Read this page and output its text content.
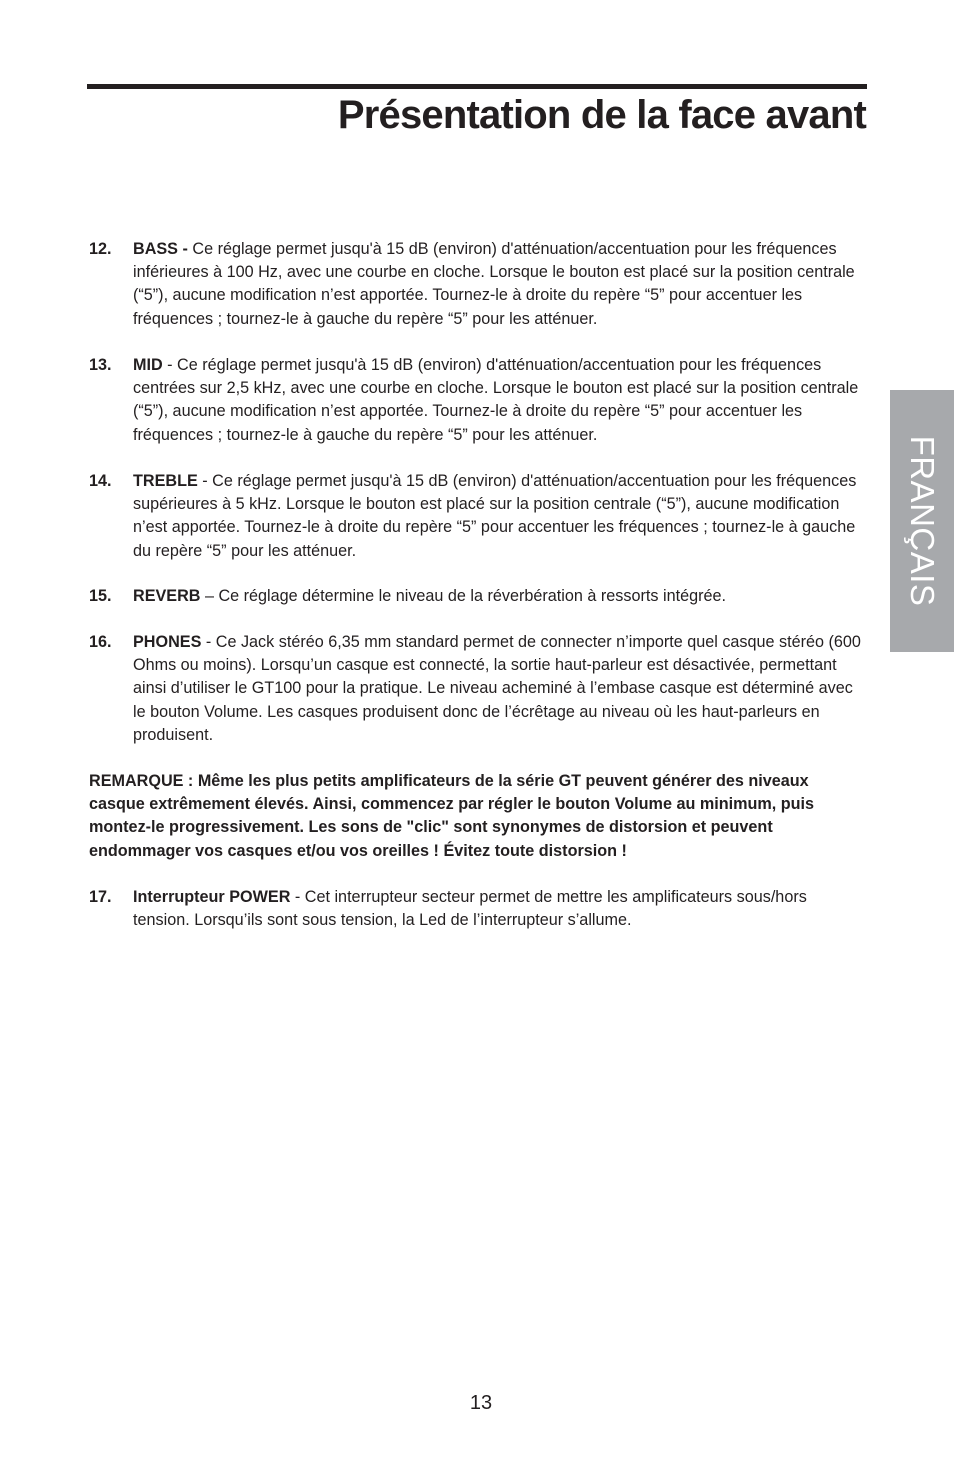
Présentation de la face avant
FRANÇAIS
12. BASS - Ce réglage permet jusqu'à 15 dB (environ) d'atténuation/accentuation pour les fréquences inférieures à 100 Hz, avec une courbe en cloche. Lorsque le bouton est placé sur la position centrale (“5”), aucune modification n’est apportée. Tournez-le à droite du repère “5” pour accentuer les fréquences ; tournez-le à gauche du repère “5” pour les atténuer.
13. MID - Ce réglage permet jusqu'à 15 dB (environ) d'atténuation/accentuation pour les fréquences centrées sur 2,5 kHz, avec une courbe en cloche. Lorsque le bouton est placé sur la position centrale (“5”), aucune modification n’est apportée. Tournez-le à droite du repère “5” pour accentuer les fréquences ; tournez-le à gauche du repère “5” pour les atténuer.
14. TREBLE - Ce réglage permet jusqu'à 15 dB (environ) d'atténuation/accentuation pour les fréquences supérieures à 5 kHz. Lorsque le bouton est placé sur la position centrale (“5”), aucune modification n’est apportée. Tournez-le à droite du repère “5” pour accentuer les fréquences ; tournez-le à gauche du repère “5” pour les atténuer.
15. REVERB – Ce réglage détermine le niveau de la réverbération à ressorts intégrée.
16. PHONES - Ce Jack stéréo 6,35 mm standard permet de connecter n’importe quel casque stéréo (600 Ohms ou moins). Lorsqu’un casque est connecté, la sortie haut-parleur est désactivée, permettant ainsi d’utiliser le GT100 pour la pratique. Le niveau acheminé à l’embase casque est déterminé avec le bouton Volume. Les casques produisent donc de l’écrêtage au niveau où les haut-parleurs en produisent.
REMARQUE : Même les plus petits amplificateurs de la série GT peuvent générer des niveaux casque extrêmement élevés. Ainsi, commencez par régler le bouton Volume au minimum, puis montez-le progressivement. Les sons de "clic" sont synonymes de distorsion et peuvent endommager vos casques et/ou vos oreilles ! Évitez toute distorsion !
17. Interrupteur POWER - Cet interrupteur secteur permet de mettre les amplificateurs sous/hors tension. Lorsqu’ils sont sous tension, la Led de l’interrupteur s’allume.
13
